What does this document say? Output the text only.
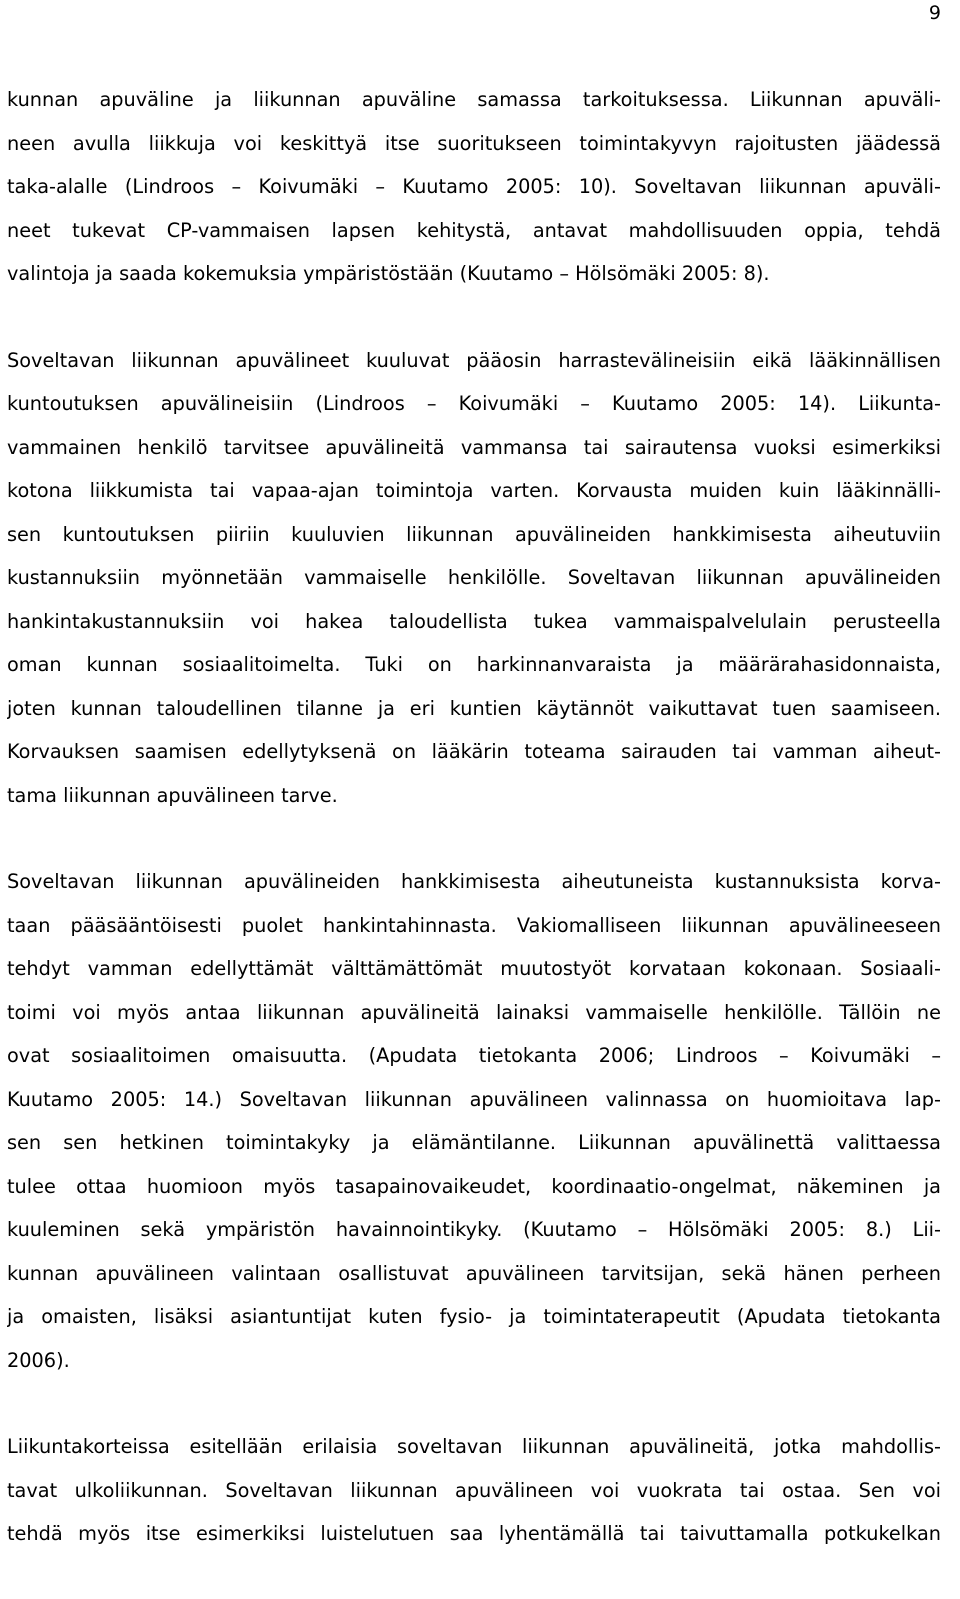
9
kunnan apuväline ja liikunnan apuväline samassa tarkoituksessa. Liikunnan apuväli-
neen avulla liikkuja voi keskittyä itse suoritukseen toimintakyvyn rajoitusten jäädessä
taka-alalle (Lindroos – Koivumäki – Kuutamo 2005: 10). Soveltavan liikunnan apuväli-
neet tukevat CP-vammaisen lapsen kehitystä, antavat mahdollisuuden oppia, tehdä
valintoja ja saada kokemuksia ympäristöstään (Kuutamo – Hölsömäki 2005: 8).
Soveltavan liikunnan apuvälineet kuuluvat pääosin harrastevälineisiin eikä lääkinnällisen
kuntoutuksen apuvälineisiin (Lindroos – Koivumäki – Kuutamo 2005: 14). Liikunta-
vammainen henkilö tarvitsee apuvälineitä vammansa tai sairautensa vuoksi esimerkiksi
kotona liikkumista tai vapaa-ajan toimintoja varten. Korvausta muiden kuin lääkinnälli-
sen kuntoutuksen piiriin kuuluvien liikunnan apuvälineiden hankkimisesta aiheutuviin
kustannuksiin myönnetään vammaiselle henkilölle. Soveltavan liikunnan apuvälineiden
hankintakustannuksiin voi hakea taloudellista tukea vammaispalvelulain perusteella
oman kunnan sosiaalitoimelta. Tuki on harkinnanvaraista ja määrärahasidonnaista,
joten kunnan taloudellinen tilanne ja eri kuntien käytännöt vaikuttavat tuen saamiseen.
Korvauksen saamisen edellytyksenä on lääkärin toteama sairauden tai vamman aiheut-
tama liikunnan apuvälineen tarve.
Soveltavan liikunnan apuvälineiden hankkimisesta aiheutuneista kustannuksista korva-
taan pääsääntöisesti puolet hankintahinnasta. Vakiomalliseen liikunnan apuvälineeseen
tehdyt vamman edellyttämät välttämättömät muutostyöt korvataan kokonaan. Sosiaali-
toimi voi myös antaa liikunnan apuvälineitä lainaksi vammaiselle henkilölle. Tällöin ne
ovat sosiaalitoimen omaisuutta. (Apudata tietokanta 2006; Lindroos – Koivumäki –
Kuutamo 2005: 14.) Soveltavan liikunnan apuvälineen valinnassa on huomioitava lap-
sen sen hetkinen toimintakyky ja elämäntilanne. Liikunnan apuvälinettä valittaessa
tulee ottaa huomioon myös tasapainovaikeudet, koordinaatio-ongelmat, näkeminen ja
kuuleminen sekä ympäristön havainnointikyky. (Kuutamo – Hölsömäki 2005: 8.) Lii-
kunnan apuvälineen valintaan osallistuvat apuvälineen tarvitsijan, sekä hänen perheen
ja omaisten, lisäksi asiantuntijat kuten fysio- ja toimintaterapeutit (Apudata tietokanta
2006).
Liikuntakorteissa esitellään erilaisia soveltavan liikunnan apuvälineitä, jotka mahdollis-
tavat ulkoliikunnan. Soveltavan liikunnan apuvälineen voi vuokrata tai ostaa. Sen voi
tehdä myös itse esimerkiksi luistelutuen saa lyhentämällä tai taivuttamalla potkukelkan
